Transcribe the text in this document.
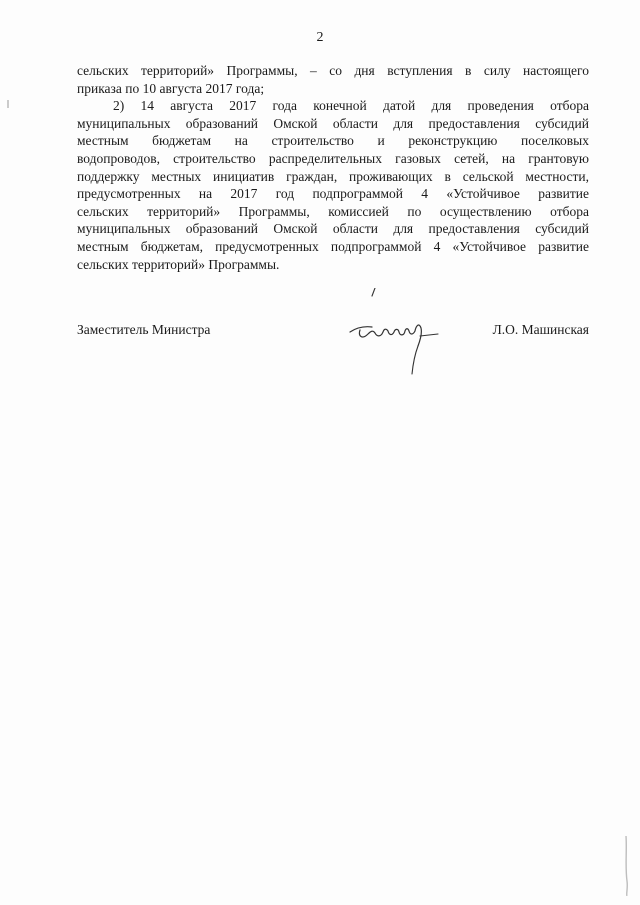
2
сельских территорий» Программы, – со дня вступления в силу настоящего
приказа по 10 августа 2017 года;
2) 14 августа 2017 года конечной датой для проведения отбора
муниципальных образований Омской области для предоставления субсидий
местным бюджетам на строительство и реконструкцию поселковых
водопроводов, строительство распределительных газовых сетей, на грантовую
поддержку местных инициатив граждан, проживающих в сельской местности,
предусмотренных на 2017 год подпрограммой 4 «Устойчивое развитие
сельских территорий» Программы, комиссией по осуществлению отбора
муниципальных образований Омской области для предоставления субсидий
местным бюджетам, предусмотренных подпрограммой 4 «Устойчивое развитие
сельских территорий» Программы.
Заместитель Министра	Л.О. Машинская
